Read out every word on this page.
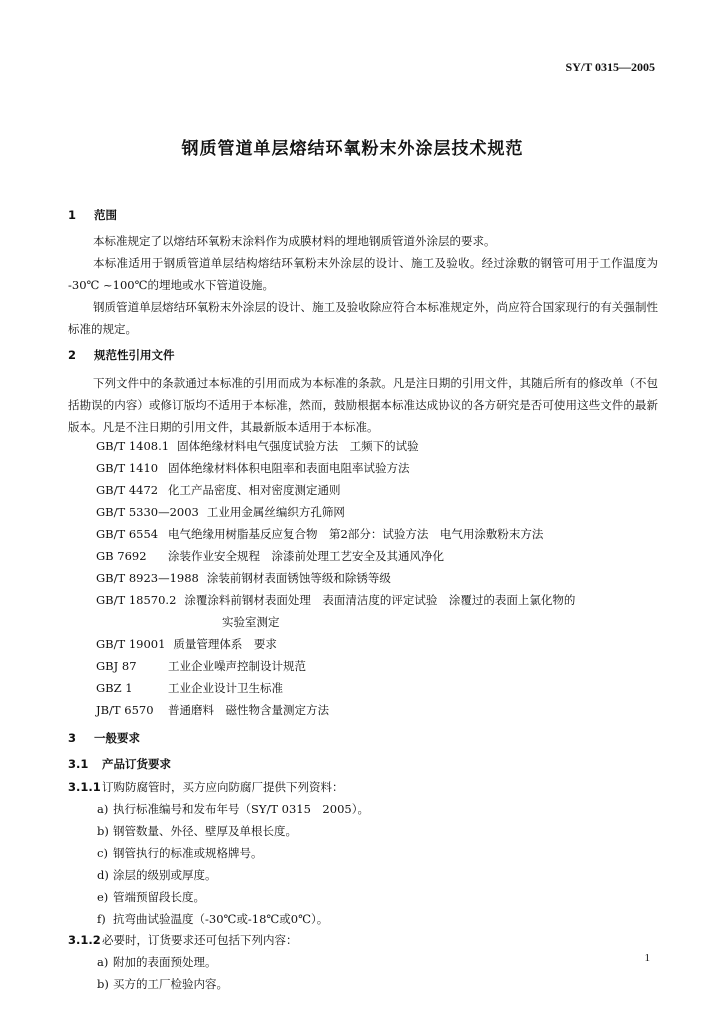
SY/T 0315—2005
钢质管道单层熔结环氧粉末外涂层技术规范
1 范围
本标准规定了以熔结环氧粉末涂料作为成膜材料的埋地钢质管道外涂层的要求。
本标准适用于钢质管道单层结构熔结环氧粉末外涂层的设计、施工及验收。经过涂敷的钢管可用于工作温度为 -30℃ ~100℃的埋地或水下管道设施。
钢质管道单层熔结环氧粉末外涂层的设计、施工及验收除应符合本标准规定外，尚应符合国家现行的有关强制性标准的规定。
2 规范性引用文件
下列文件中的条款通过本标准的引用而成为本标准的条款。凡是注日期的引用文件，其随后所有的修改单（不包括勘误的内容）或修订版均不适用于本标准，然而，鼓励根据本标准达成协议的各方研究是否可使用这些文件的最新版本。凡是不注日期的引用文件，其最新版本适用于本标准。
GB/T 1408.1 固体绝缘材料电气强度试验方法　工频下的试验
GB/T 1410 固体绝缘材料体积电阻率和表面电阻率试验方法
GB/T 4472 化工产品密度、相对密度测定通则
GB/T 5330—2003 工业用金属丝编织方孔筛网
GB/T 6554 电气绝缘用树脂基反应复合物　第2部分：试验方法　电气用涂敷粉末方法
GB 7692 涂装作业安全规程　涂漆前处理工艺安全及其通风净化
GB/T 8923—1988 涂装前钢材表面锈蚀等级和除锈等级
GB/T 18570.2 涂覆涂料前钢材表面处理　表面清洁度的评定试验　涂覆过的表面上氯化物的
实验室测定
GB/T 19001 质量管理体系　要求
GBJ 87	工业企业噪声控制设计规范
GBZ 1	工业企业设计卫生标准
JB/T 6570 普通磨料　磁性物含量测定方法
3 一般要求
3.1 产品订货要求
3.1.1订购防腐管时，买方应向防腐厂提供下列资料：
a) 执行标准编号和发布年号（SY/T 0315　2005）。
b) 钢管数量、外径、壁厚及单根长度。
c) 钢管执行的标准或规格牌号。
d) 涂层的级别或厚度。
e) 管端预留段长度。
f) 抗弯曲试验温度（-30℃或-18℃或0℃）。
3.1.2必要时，订货要求还可包括下列内容：
a) 附加的表面预处理。
b) 买方的工厂检验内容。
1
